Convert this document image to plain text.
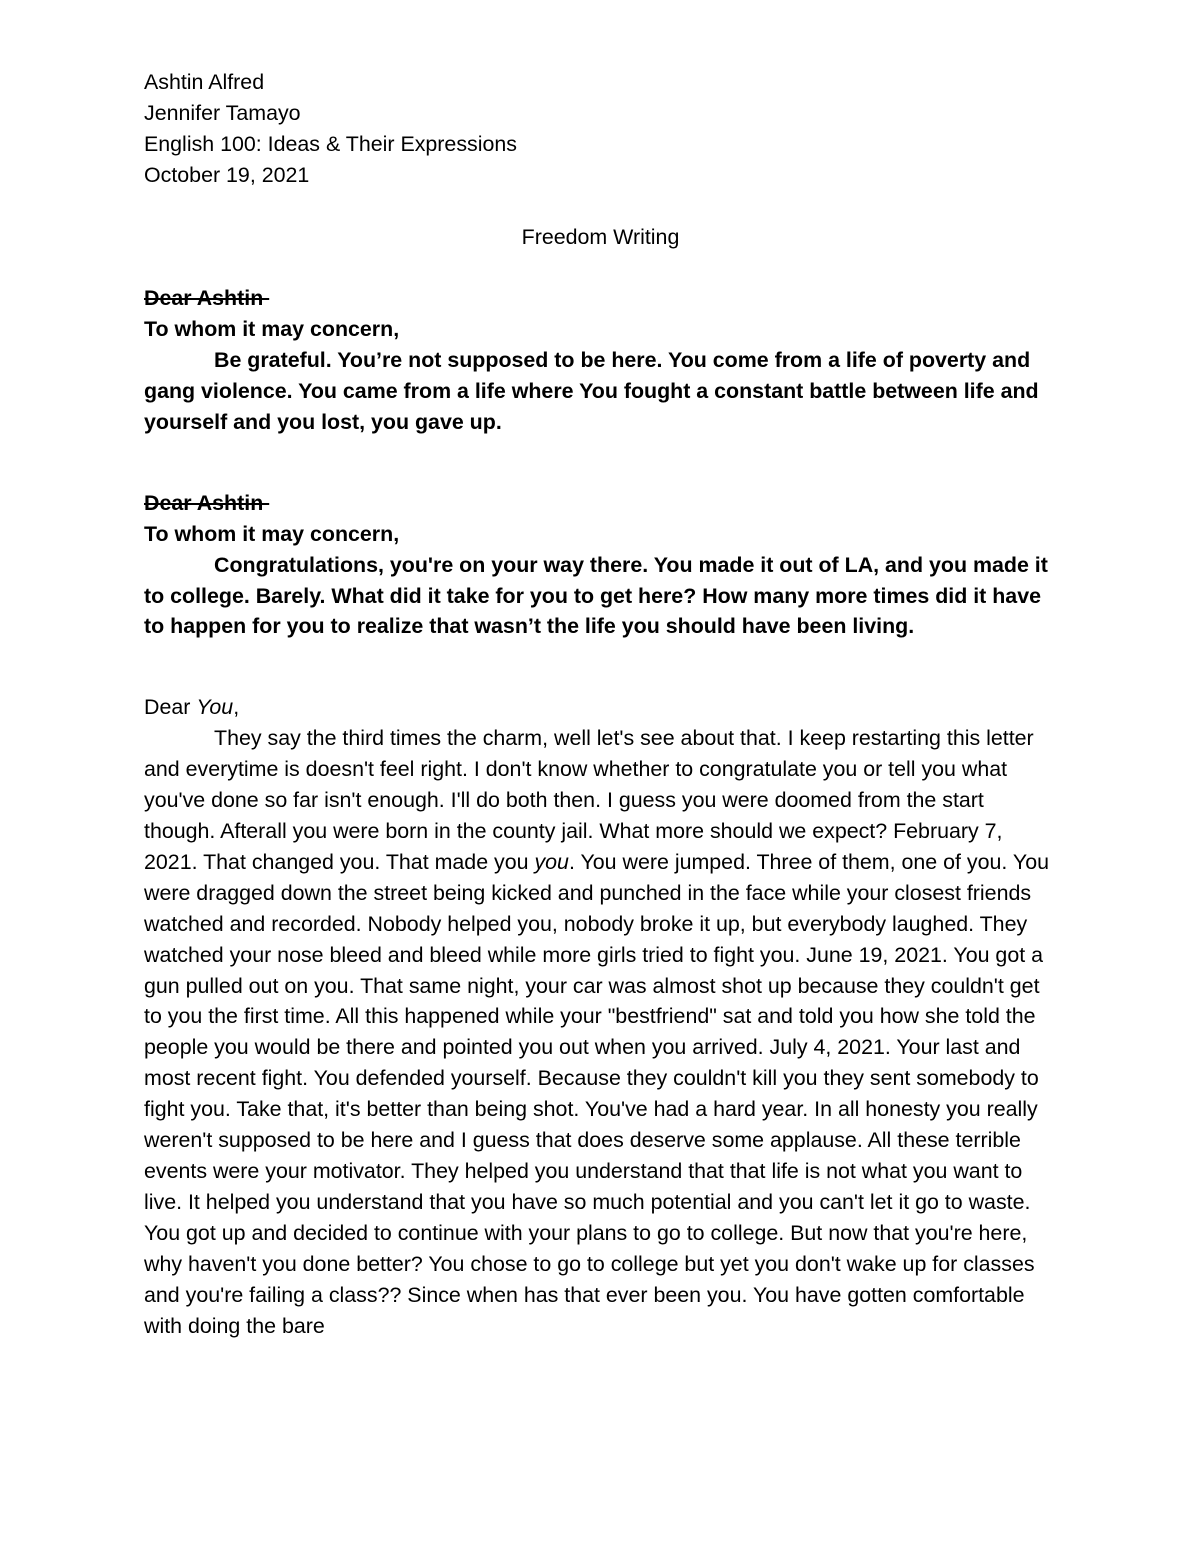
Ashtin Alfred

Jennifer Tamayo

English 100: Ideas & Their Expressions

October 19, 2021

Freedom Writing

Dear Ashtin

To whom it may concern,

Be grateful. You’re not supposed to be here. You come from a life of poverty and gang violence. You came from a life where You fought a constant battle between life and yourself and you lost, you gave up.

Dear Ashtin

To whom it may concern,

Congratulations, you're on your way there. You made it out of LA, and you made it to college. Barely. What did it take for you to get here? How many more times did it have to happen for you to realize that wasn’t the life you should have been living.

Dear You,

They say the third times the charm, well let's see about that. I keep restarting this letter and everytime is doesn't feel right. I don't know whether to congratulate you or tell you what you've done so far isn't enough. I'll do both then. I guess you were doomed from the start though. Afterall you were born in the county jail. What more should we expect? February 7, 2021. That changed you. That made you you. You were jumped. Three of them, one of you. You were dragged down the street being kicked and punched in the face while your closest friends watched and recorded. Nobody helped you, nobody broke it up, but everybody laughed. They watched your nose bleed and bleed while more girls tried to fight you. June 19, 2021. You got a gun pulled out on you. That same night, your car was almost shot up because they couldn't get to you the first time. All this happened while your "bestfriend" sat and told you how she told the people you would be there and pointed you out when you arrived. July 4, 2021. Your last and most recent fight. You defended yourself. Because they couldn't kill you they sent somebody to fight you. Take that, it's better than being shot. You've had a hard year. In all honesty you really weren't supposed to be here and I guess that does deserve some applause. All these terrible events were your motivator. They helped you understand that that life is not what you want to live. It helped you understand that you have so much potential and you can't let it go to waste. You got up and decided to continue with your plans to go to college. But now that you're here, why haven't you done better? You chose to go to college but yet you don't wake up for classes and you're failing a class?? Since when has that ever been you. You have gotten comfortable with doing the bare
